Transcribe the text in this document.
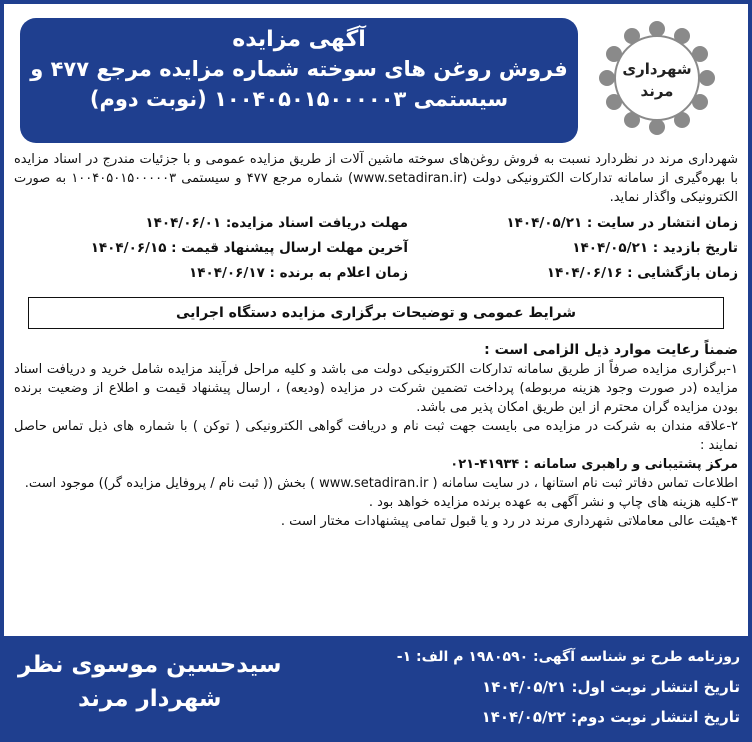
آگهی مزایده
فروش روغن های سوخته شماره مزایده مرجع ۴۷۷ و
سیستمی ۱۰۰۴۰۵۰۱۵۰۰۰۰۰۳ (نوبت دوم)
شهرداری
مرند

شهرداری مرند در نظردارد نسبت به فروش روغن‌های سوخته ماشین آلات از طریق مزایده عمومی و با جزئیات مندرج در اسناد مزایده با بهره‌گیری از سامانه تدارکات الکترونیکی دولت (www.setadiran.ir) شماره مرجع ۴۷۷ و سیستمی ۱۰۰۴۰۵۰۱۵۰۰۰۰۰۳ به صورت الکترونیکی واگذار نماید.

زمان انتشار در سایت : ۱۴۰۴/۰۵/۲۱
تاریخ بازدید : ۱۴۰۴/۰۵/۲۱
زمان بازگشایی : ۱۴۰۴/۰۶/۱۶
مهلت دریافت اسناد مزایده: ۱۴۰۴/۰۶/۰۱
آخرین مهلت ارسال پیشنهاد قیمت : ۱۴۰۴/۰۶/۱۵
زمان اعلام به برنده : ۱۴۰۴/۰۶/۱۷
شرایط عمومی و توضیحات برگزاری مزایده دستگاه اجرایی
ضمناً رعایت موارد ذیل الزامی است :

۱-برگزاری مزایده صرفاً از طریق سامانه تدارکات الکترونیکی دولت می باشد و کلیه مراحل فرآیند مزایده شامل خرید و دریافت اسناد مزایده (در صورت وجود هزینه مربوطه) پرداخت تضمین شرکت در مزایده (ودیعه) ، ارسال پیشنهاد قیمت و اطلاع از وضعیت برنده بودن مزایده گران محترم از این طریق امکان پذیر می باشد.

۲-علاقه مندان به شرکت در مزایده می بایست جهت ثبت نام و دریافت گواهی الکترونیکی ( توکن ) با شماره های ذیل تماس حاصل نمایند :

مرکز پشتیبانی و راهبری سامانه : ۴۱۹۳۴-۰۲۱

اطلاعات تماس دفاتر ثبت نام استانها ، در سایت سامانه ( www.setadiran.ir ) بخش (( ثبت نام / پروفایل مزایده گر)) موجود است.

۳-کلیه هزینه های چاپ و نشر آگهی به عهده برنده مزایده خواهد بود .

۴-هیئت عالی معاملاتی شهرداری مرند در رد و یا قبول تمامی پیشنهادات مختار است .

روزنامه طرح نو شناسه آگهی: ۱۹۸۰۵۹۰ م الف: ۱-
تاریخ انتشار نوبت اول: ۱۴۰۴/۰۵/۲۱
تاریخ انتشار نوبت دوم: ۱۴۰۴/۰۵/۲۲
سیدحسین موسوی نظر
شهردار مرند
